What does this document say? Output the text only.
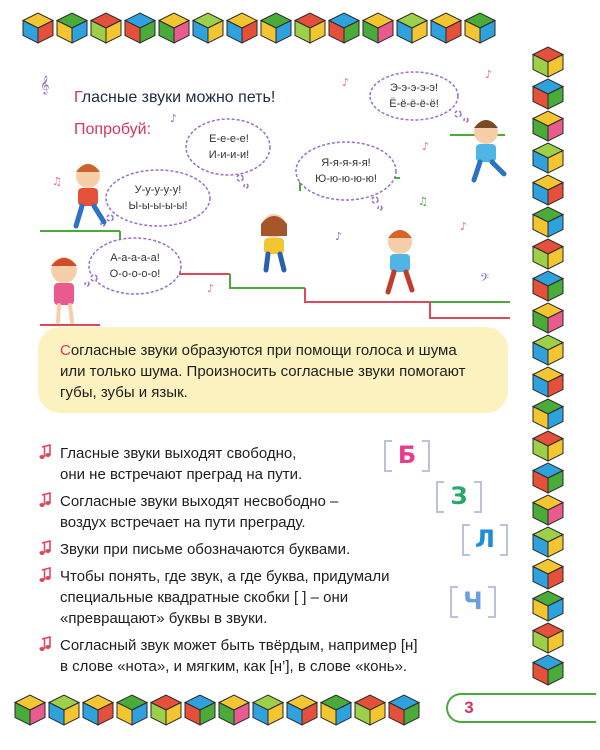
Гласные звуки можно петь!
Попробуй:
𝄞	♪
♪
♫
♪
♪
♪
♫
♪
♪
𝄢
У-у-у-у-у!
Ы-ы-ы-ы-ы!
Е-е-е-е!
И-и-и-и!
Я-я-я-я-я!
Ю-ю-ю-ю-ю!
Э-э-э-э-э!
Ё-ё-ё-ё-ё!
А-а-а-а-а!
О-о-о-о-о!
Согласные звуки образуются при помощи голоса и шума или только шума. Произносить согласные звуки помогают губы, зубы и язык.
Гласные звуки выходят свободно,
они не встречают преград на пути.
Согласные звуки выходят несвободно –
воздух встречает на пути преграду.
Звуки при письме обозначаются буквами.
Чтобы понять, где звук, а где буква, придумали
специальные квадратные скобки [ ] – они
«превращают» буквы в звуки.
Согласный звук может быть твёрдым, например [н]
в слове «нота», и мягким, как [н’], в слове «конь».
Б
З
Л
Ч
3
